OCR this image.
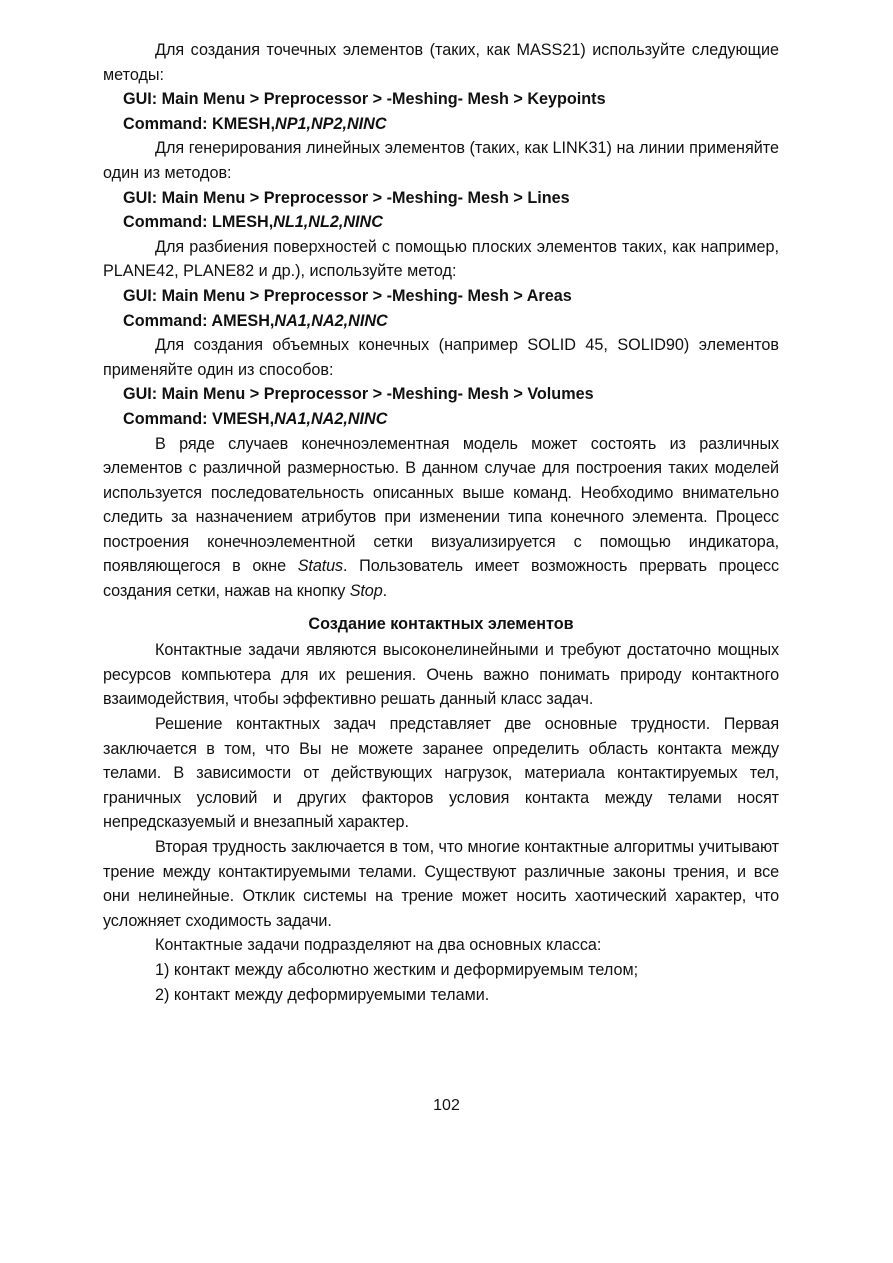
Для создания точечных элементов (таких, как MASS21) используйте следующие методы:

GUI: Main Menu > Preprocessor > -Meshing- Mesh > Keypoints

Command: KMESH,NP1,NP2,NINC

Для генерирования линейных элементов (таких, как LINK31) на линии применяйте один из методов:

GUI: Main Menu > Preprocessor > -Meshing- Mesh > Lines

Command: LMESH,NL1,NL2,NINC

Для разбиения поверхностей с помощью плоских элементов таких, как например, PLANE42, PLANE82 и др.), используйте метод:

GUI: Main Menu > Preprocessor > -Meshing- Mesh > Areas

Command: AMESH,NA1,NA2,NINC

Для создания объемных конечных (например SOLID 45, SOLID90) элементов применяйте один из способов:

GUI: Main Menu > Preprocessor > -Meshing- Mesh > Volumes

Command: VMESH,NA1,NA2,NINC

В ряде случаев конечноэлементная модель может состоять из различных элементов с различной размерностью. В данном случае для построения таких моделей используется последовательность описанных выше команд. Необходимо внимательно следить за назначением атрибутов при изменении типа конечного элемента. Процесс построения конечноэлементной сетки визуализируется с помощью индикатора, появляющегося в окне Status. Пользователь имеет возможность прервать процесс создания сетки, нажав на кнопку Stop.

Создание контактных элементов

Контактные задачи являются высоконелинейными и требуют достаточно мощных ресурсов компьютера для их решения. Очень важно понимать природу контактного взаимодействия, чтобы эффективно решать данный класс задач.

Решение контактных задач представляет две основные трудности. Первая заключается в том, что Вы не можете заранее определить область контакта между телами. В зависимости от действующих нагрузок, материала контактируемых тел, граничных условий и других факторов условия контакта между телами носят непредсказуемый и внезапный характер.

Вторая трудность заключается в том, что многие контактные алгоритмы учитывают трение между контактируемыми телами. Существуют различные законы трения, и все они нелинейные. Отклик системы на трение может носить хаотический характер, что усложняет сходимость задачи.

Контактные задачи подразделяют на два основных класса:

1) контакт между абсолютно жестким и деформируемым телом;

2) контакт между деформируемыми телами.

102
